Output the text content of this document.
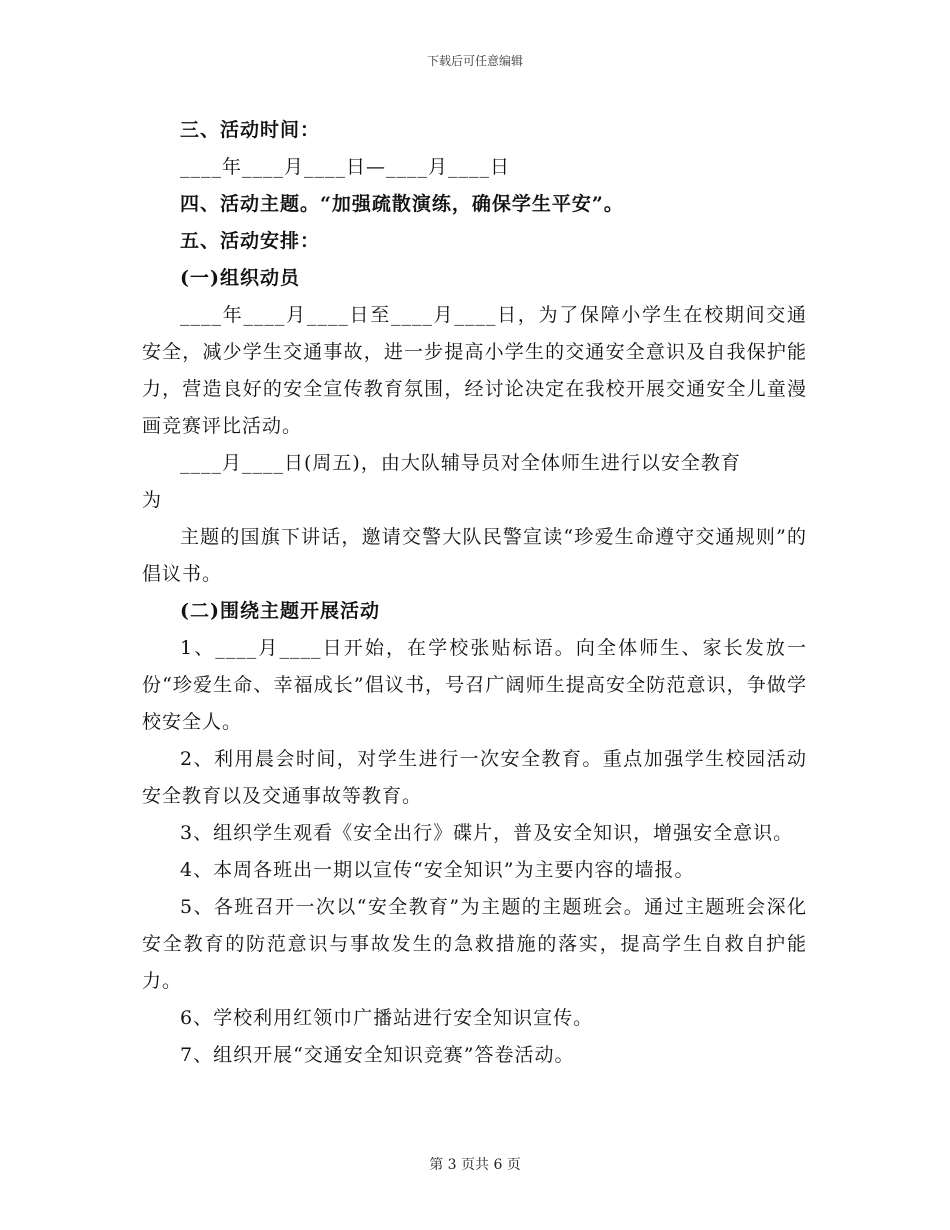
下载后可任意编辑

三、活动时间：

____年____月____日—____月____日

四、活动主题。“加强疏散演练，确保学生平安”。

五、活动安排：

(一)组织动员

____年____月____日至____月____日，为了保障小学生在校期间交通安全，减少学生交通事故，进一步提高小学生的交通安全意识及自我保护能力，营造良好的安全宣传教育氛围，经讨论决定在我校开展交通安全儿童漫画竞赛评比活动。

____月____日(周五)，由大队辅导员对全体师生进行以安全教育

为

主题的国旗下讲话，邀请交警大队民警宣读“珍爱生命遵守交通规则”的倡议书。

(二)围绕主题开展活动

1、____月____日开始，在学校张贴标语。向全体师生、家长发放一份“珍爱生命、幸福成长”倡议书，号召广阔师生提高安全防范意识，争做学校安全人。

2、利用晨会时间，对学生进行一次安全教育。重点加强学生校园活动安全教育以及交通事故等教育。

3、组织学生观看《安全出行》碟片，普及安全知识，增强安全意识。

4、本周各班出一期以宣传“安全知识”为主要内容的墙报。

5、各班召开一次以“安全教育”为主题的主题班会。通过主题班会深化安全教育的防范意识与事故发生的急救措施的落实，提高学生自救自护能力。

6、学校利用红领巾广播站进行安全知识宣传。

7、组织开展“交通安全知识竞赛”答卷活动。

第 3 页共 6 页
